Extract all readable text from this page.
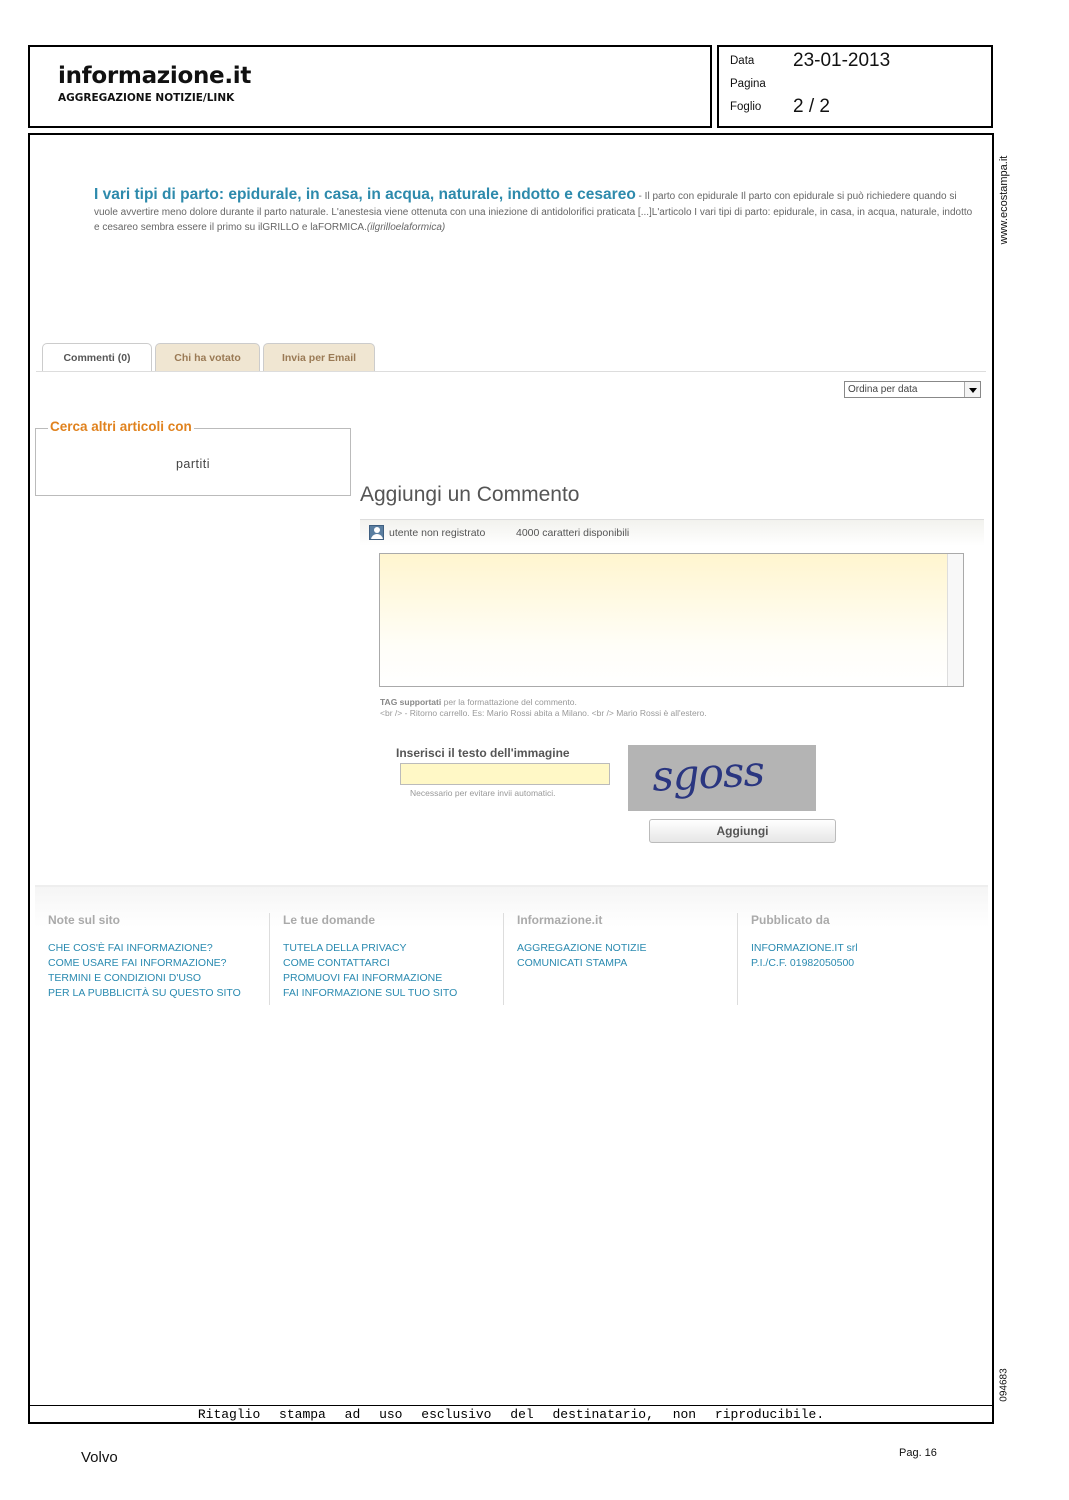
informazione.it
AGGREGAZIONE NOTIZIE/LINK
Data 23-01-2013
Pagina
Foglio 2 / 2
www.ecostampa.it
094683
I vari tipi di parto: epidurale, in casa, in acqua, naturale, indotto e cesareo - Il parto con epidurale Il parto con epidurale si può richiedere quando si vuole avvertire meno dolore durante il parto naturale. L'anestesia viene ottenuta con una iniezione di antidolorifici praticata [...]L'articolo I vari tipi di parto: epidurale, in casa, in acqua, naturale, indotto e cesareo sembra essere il primo su ilGRILLO e laFORMICA.(ilgrilloelaformica)
Commenti (0)	Chi ha votato	Invia per Email
Ordina per data
Cerca altri articoli con
partiti
Aggiungi un Commento
utente non registrato	4000 caratteri disponibili
TAG supportati per la formattazione del commento.
<br /> - Ritorno carrello. Es: Mario Rossi abita a Milano. <br /> Mario Rossi è all'estero.
Inserisci il testo dell'immagine
Necessario per evitare invii automatici. sgoss
Aggiungi
Note sul sito
CHE COS'È FAI INFORMAZIONE?
COME USARE FAI INFORMAZIONE?
TERMINI E CONDIZIONI D'USO
PER LA PUBBLICITÀ SU QUESTO SITO
Le tue domande
TUTELA DELLA PRIVACY
COME CONTATTARCI
PROMUOVI FAI INFORMAZIONE
FAI INFORMAZIONE SUL TUO SITO
Informazione.it
AGGREGAZIONE NOTIZIE
COMUNICATI STAMPA
Pubblicato da
INFORMAZIONE.IT srl
P.I./C.F. 01982050500
Ritaglio stampa ad uso esclusivo del destinatario, non riproducibile.
Volvo	Pag. 16
